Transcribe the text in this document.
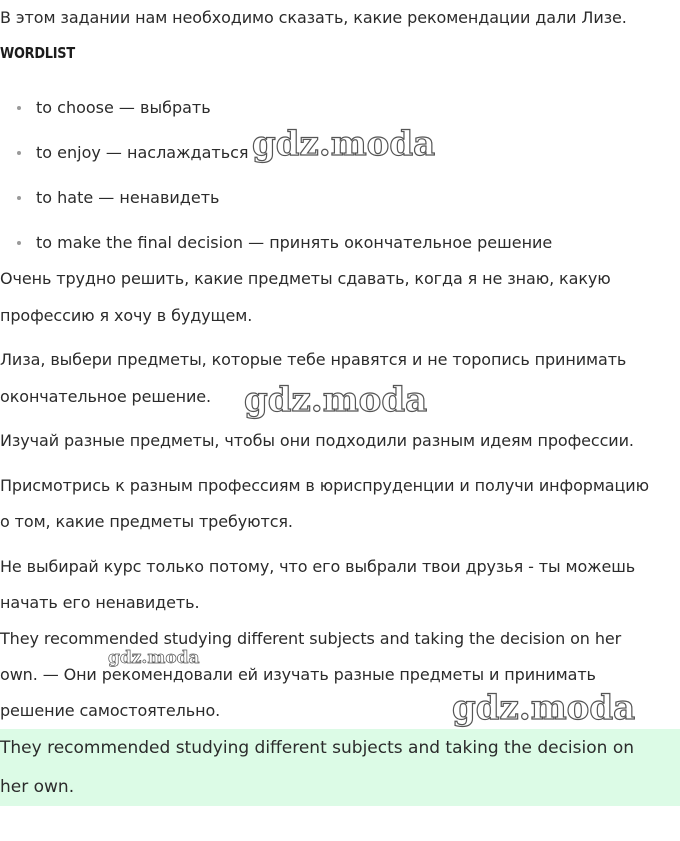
В этом задании нам необходимо сказать, какие рекомендации дали Лизе.
WORDLIST
to choose — выбрать
to enjoy — наслаждаться
to hate — ненавидеть
to make the final decision — принять окончательное решение
Очень трудно решить, какие предметы сдавать, когда я не знаю, какую
профессию я хочу в будущем.
Лиза, выбери предметы, которые тебе нравятся и не торопись принимать
окончательное решение.
Изучай разные предметы, чтобы они подходили разным идеям профессии.
Присмотрись к разным профессиям в юриспруденции и получи информацию
о том, какие предметы требуются.
Не выбирай курс только потому, что его выбрали твои друзья - ты можешь
начать его ненавидеть.
They recommended studying different subjects and taking the decision on her
own. — Они рекомендовали ей изучать разные предметы и принимать
решение самостоятельно.
They recommended studying different subjects and taking the decision on
her own.
gdz.moda
gdz.moda
gdz.moda
gdz.moda
